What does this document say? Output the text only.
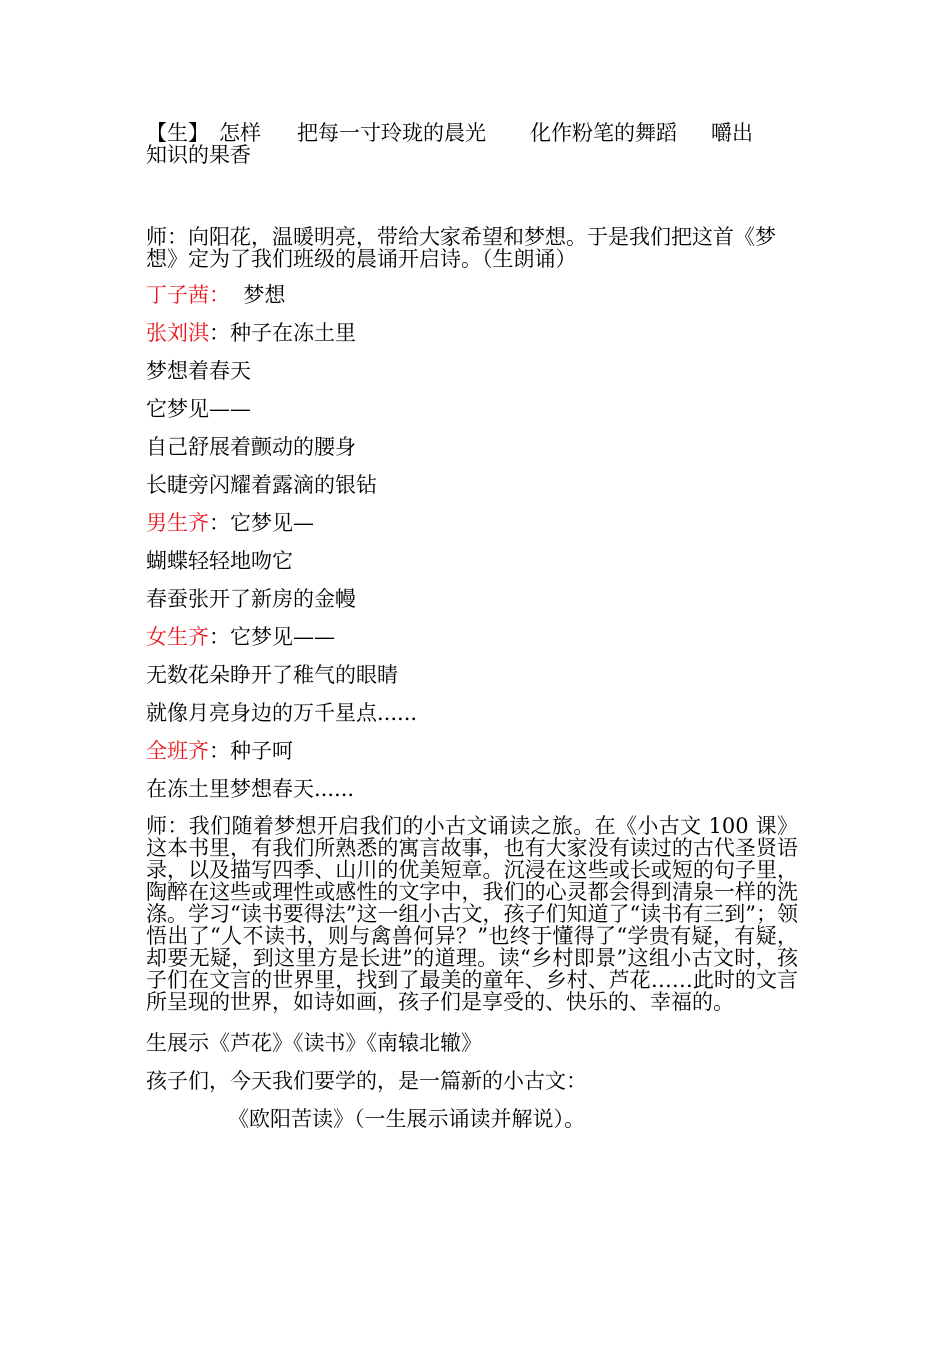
【生】 怎样 把每一寸玲珑的晨光 化作粉笔的舞蹈 嚼出
知识的果香
师：向阳花，温暖明亮，带给大家希望和梦想。于是我们把这首《梦想》定为了我们班级的晨诵开启诗。（生朗诵）
丁子茜：  梦想
张刘淇：种子在冻土里
梦想着春天
它梦见——
自己舒展着颤动的腰身
长睫旁闪耀着露滴的银钻
男生齐：它梦见—
蝴蝶轻轻地吻它
春蚕张开了新房的金幔
女生齐：它梦见——
无数花朵睁开了稚气的眼睛
就像月亮身边的万千星点......
全班齐：种子呵
在冻土里梦想春天......
师：我们随着梦想开启我们的小古文诵读之旅。在《小古文 100 课》这本书里，有我们所熟悉的寓言故事，也有大家没有读过的古代圣贤语录，以及描写四季、山川的优美短章。沉浸在这些或长或短的句子里，陶醉在这些或理性或感性的文字中，我们的心灵都会得到清泉一样的洗涤。学习“读书要得法”这一组小古文，孩子们知道了“读书有三到”；领悟出了“人不读书，则与禽兽何异？”也终于懂得了“学贵有疑，有疑，却要无疑，到这里方是长进”的道理。读“乡村即景”这组小古文时，孩子们在文言的世界里，找到了最美的童年、乡村、芦花……此时的文言所呈现的世界，如诗如画，孩子们是享受的、快乐的、幸福的。
生展示《芦花》《读书》《南辕北辙》
孩子们，今天我们要学的，是一篇新的小古文：
《欧阳苦读》（一生展示诵读并解说）。
